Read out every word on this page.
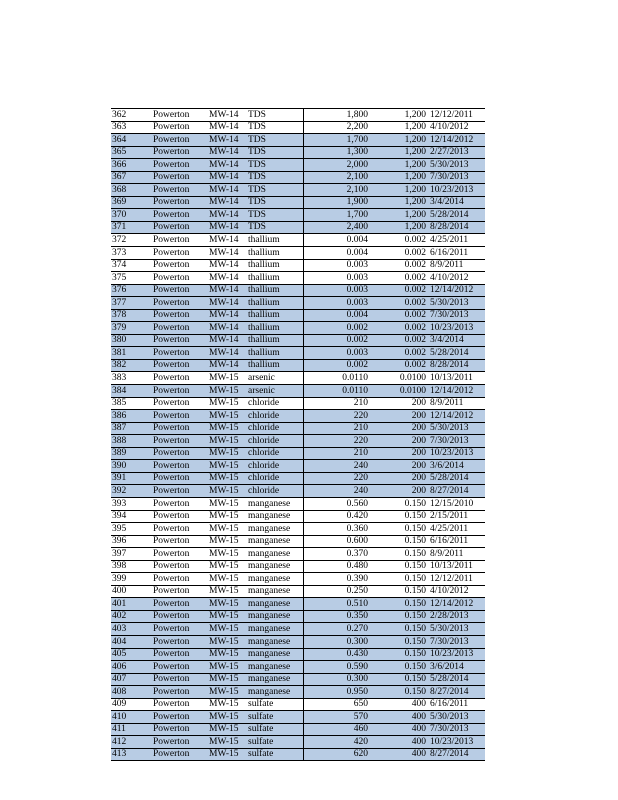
362	Powerton	MW-14	TDS	1,800	1,200	12/12/2011
363	Powerton	MW-14	TDS	2,200	1,200	4/10/2012
364	Powerton	MW-14	TDS	1,700	1,200	12/14/2012
365	Powerton	MW-14	TDS	1,300	1,200	2/27/2013
366	Powerton	MW-14	TDS	2,000	1,200	5/30/2013
367	Powerton	MW-14	TDS	2,100	1,200	7/30/2013
368	Powerton	MW-14	TDS	2,100	1,200	10/23/2013
369	Powerton	MW-14	TDS	1,900	1,200	3/4/2014
370	Powerton	MW-14	TDS	1,700	1,200	5/28/2014
371	Powerton	MW-14	TDS	2,400	1,200	8/28/2014
372	Powerton	MW-14	thallium	0.004	0.002	4/25/2011
373	Powerton	MW-14	thallium	0.004	0.002	6/16/2011
374	Powerton	MW-14	thallium	0.003	0.002	8/9/2011
375	Powerton	MW-14	thallium	0.003	0.002	4/10/2012
376	Powerton	MW-14	thallium	0.003	0.002	12/14/2012
377	Powerton	MW-14	thallium	0.003	0.002	5/30/2013
378	Powerton	MW-14	thallium	0.004	0.002	7/30/2013
379	Powerton	MW-14	thallium	0.002	0.002	10/23/2013
380	Powerton	MW-14	thallium	0.002	0.002	3/4/2014
381	Powerton	MW-14	thallium	0.003	0.002	5/28/2014
382	Powerton	MW-14	thallium	0.002	0.002	8/28/2014
383	Powerton	MW-15	arsenic	0.0110	0.0100	10/13/2011
384	Powerton	MW-15	arsenic	0.0110	0.0100	12/14/2012
385	Powerton	MW-15	chloride	210	200	8/9/2011
386	Powerton	MW-15	chloride	220	200	12/14/2012
387	Powerton	MW-15	chloride	210	200	5/30/2013
388	Powerton	MW-15	chloride	220	200	7/30/2013
389	Powerton	MW-15	chloride	210	200	10/23/2013
390	Powerton	MW-15	chloride	240	200	3/6/2014
391	Powerton	MW-15	chloride	220	200	5/28/2014
392	Powerton	MW-15	chloride	240	200	8/27/2014
393	Powerton	MW-15	manganese	0.560	0.150	12/15/2010
394	Powerton	MW-15	manganese	0.420	0.150	2/15/2011
395	Powerton	MW-15	manganese	0.360	0.150	4/25/2011
396	Powerton	MW-15	manganese	0.600	0.150	6/16/2011
397	Powerton	MW-15	manganese	0.370	0.150	8/9/2011
398	Powerton	MW-15	manganese	0.480	0.150	10/13/2011
399	Powerton	MW-15	manganese	0.390	0.150	12/12/2011
400	Powerton	MW-15	manganese	0.250	0.150	4/10/2012
401	Powerton	MW-15	manganese	0.510	0.150	12/14/2012
402	Powerton	MW-15	manganese	0.350	0.150	2/28/2013
403	Powerton	MW-15	manganese	0.270	0.150	5/30/2013
404	Powerton	MW-15	manganese	0.300	0.150	7/30/2013
405	Powerton	MW-15	manganese	0.430	0.150	10/23/2013
406	Powerton	MW-15	manganese	0.590	0.150	3/6/2014
407	Powerton	MW-15	manganese	0.300	0.150	5/28/2014
408	Powerton	MW-15	manganese	0.950	0.150	8/27/2014
409	Powerton	MW-15	sulfate	650	400	6/16/2011
410	Powerton	MW-15	sulfate	570	400	5/30/2013
411	Powerton	MW-15	sulfate	460	400	7/30/2013
412	Powerton	MW-15	sulfate	420	400	10/23/2013
413	Powerton	MW-15	sulfate	620	400	8/27/2014
